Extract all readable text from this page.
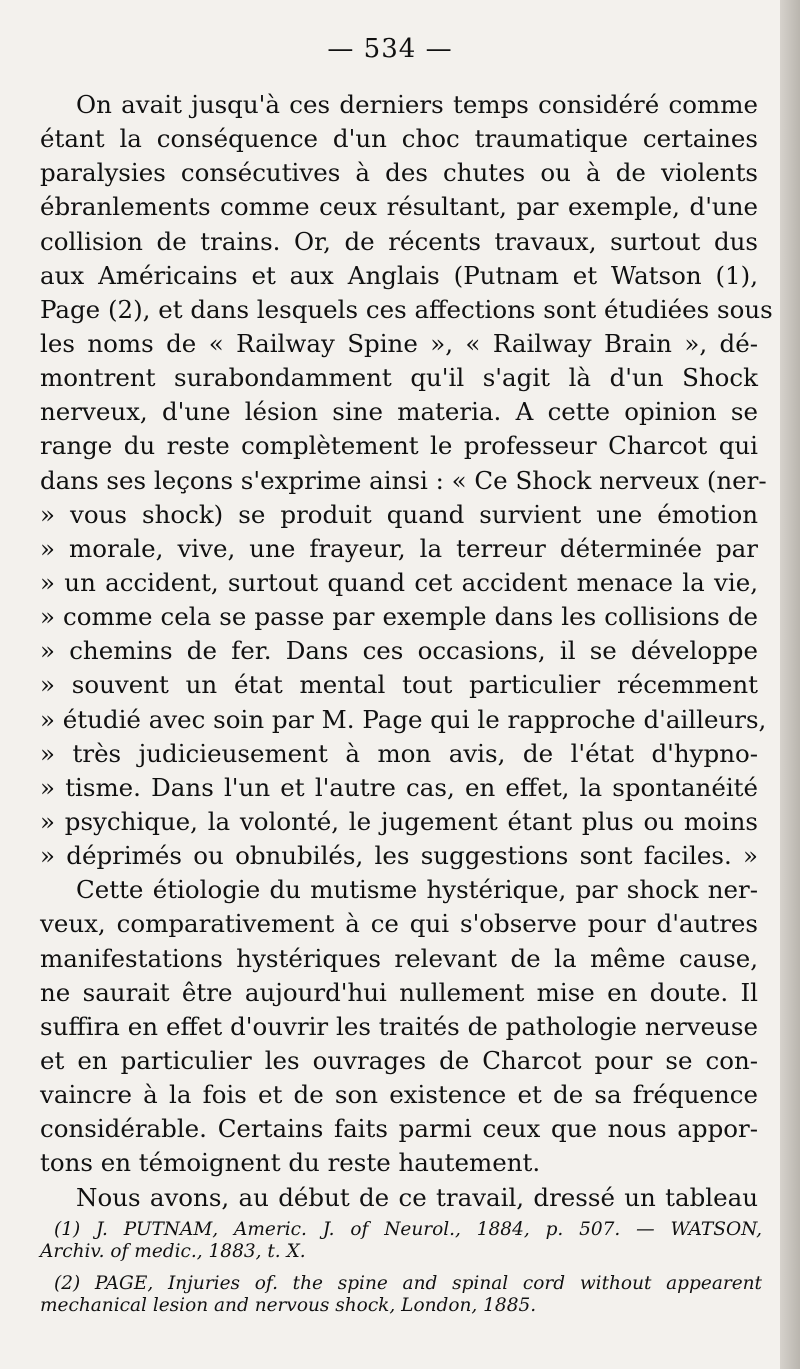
— 534 —
On avait jusqu'à ces derniers temps considéré comme
étant la conséquence d'un choc traumatique certaines
paralysies consécutives à des chutes ou à de violents
ébranlements comme ceux résultant, par exemple, d'une
collision de trains. Or, de récents travaux, surtout dus
aux Américains et aux Anglais (Putnam et Watson (1),
Page (2), et dans lesquels ces affections sont étudiées sous
les noms de « Railway Spine », « Railway Brain », dé-
montrent surabondamment qu'il s'agit là d'un Shock
nerveux, d'une lésion sine materia. A cette opinion se
range du reste complètement le professeur Charcot qui
dans ses leçons s'exprime ainsi : « Ce Shock nerveux (ner-
» vous shock) se produit quand survient une émotion
» morale, vive, une frayeur, la terreur déterminée par
» un accident, surtout quand cet accident menace la vie,
» comme cela se passe par exemple dans les collisions de
» chemins de fer. Dans ces occasions, il se développe
» souvent un état mental tout particulier récemment
» étudié avec soin par M. Page qui le rapproche d'ailleurs,
» très judicieusement à mon avis, de l'état d'hypno-
» tisme. Dans l'un et l'autre cas, en effet, la spontanéité
» psychique, la volonté, le jugement étant plus ou moins
» déprimés ou obnubilés, les suggestions sont faciles. »
Cette étiologie du mutisme hystérique, par shock ner-
veux, comparativement à ce qui s'observe pour d'autres
manifestations hystériques relevant de la même cause,
ne saurait être aujourd'hui nullement mise en doute. Il
suffira en effet d'ouvrir les traités de pathologie nerveuse
et en particulier les ouvrages de Charcot pour se con-
vaincre à la fois et de son existence et de sa fréquence
considérable. Certains faits parmi ceux que nous appor-
tons en témoignent du reste hautement.
Nous avons, au début de ce travail, dressé un tableau
(1) J. PUTNAM, Americ. J. of Neurol., 1884, p. 507. — WATSON,
Archiv. of medic., 1883, t. X.
(2) PAGE, Injuries of. the spine and spinal cord without appearent
mechanical lesion and nervous shock, London, 1885.
